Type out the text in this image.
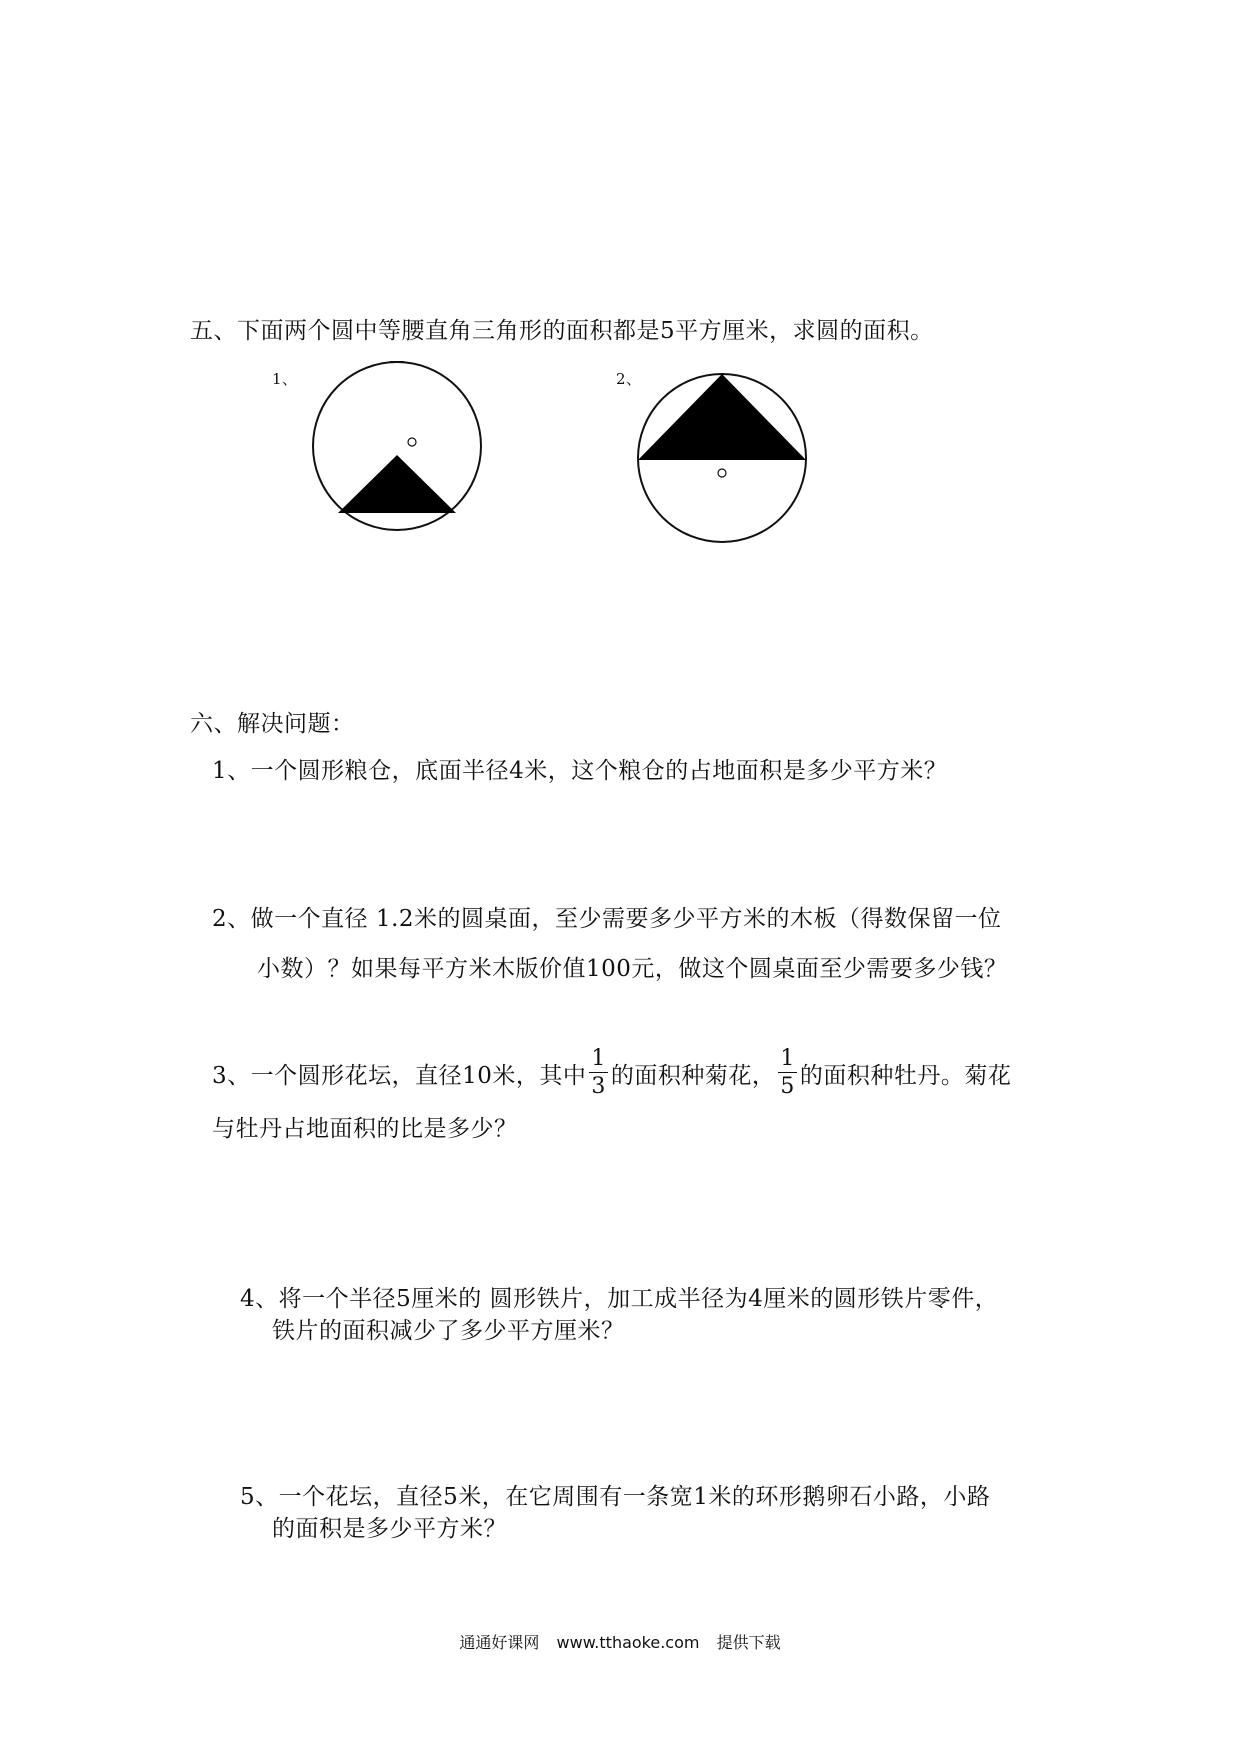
五、下面两个圆中等腰直角三角形的面积都是5平方厘米，求圆的面积。
1、	2、
六、解决问题：
1、一个圆形粮仓，底面半径4米，这个粮仓的占地面积是多少平方米？
2、做一个直径 1.2米的圆桌面，至少需要多少平方米的木板（得数保留一位
小数）？如果每平方米木版价值100元，做这个圆桌面至少需要多少钱？
3、一个圆形花坛，直径10米，其中 $\frac{1}{3}$ 的面积种菊花， $\frac{1}{5}$ 的面积种牡丹。菊花
与牡丹占地面积的比是多少？
4、将一个半径5厘米的 圆形铁片，加工成半径为4厘米的圆形铁片零件，
铁片的面积减少了多少平方厘米？
5、一个花坛，直径5米，在它周围有一条宽1米的环形鹅卵石小路，小路
的面积是多少平方米？
通通好课网 www.tthaoke.com 提供下载
